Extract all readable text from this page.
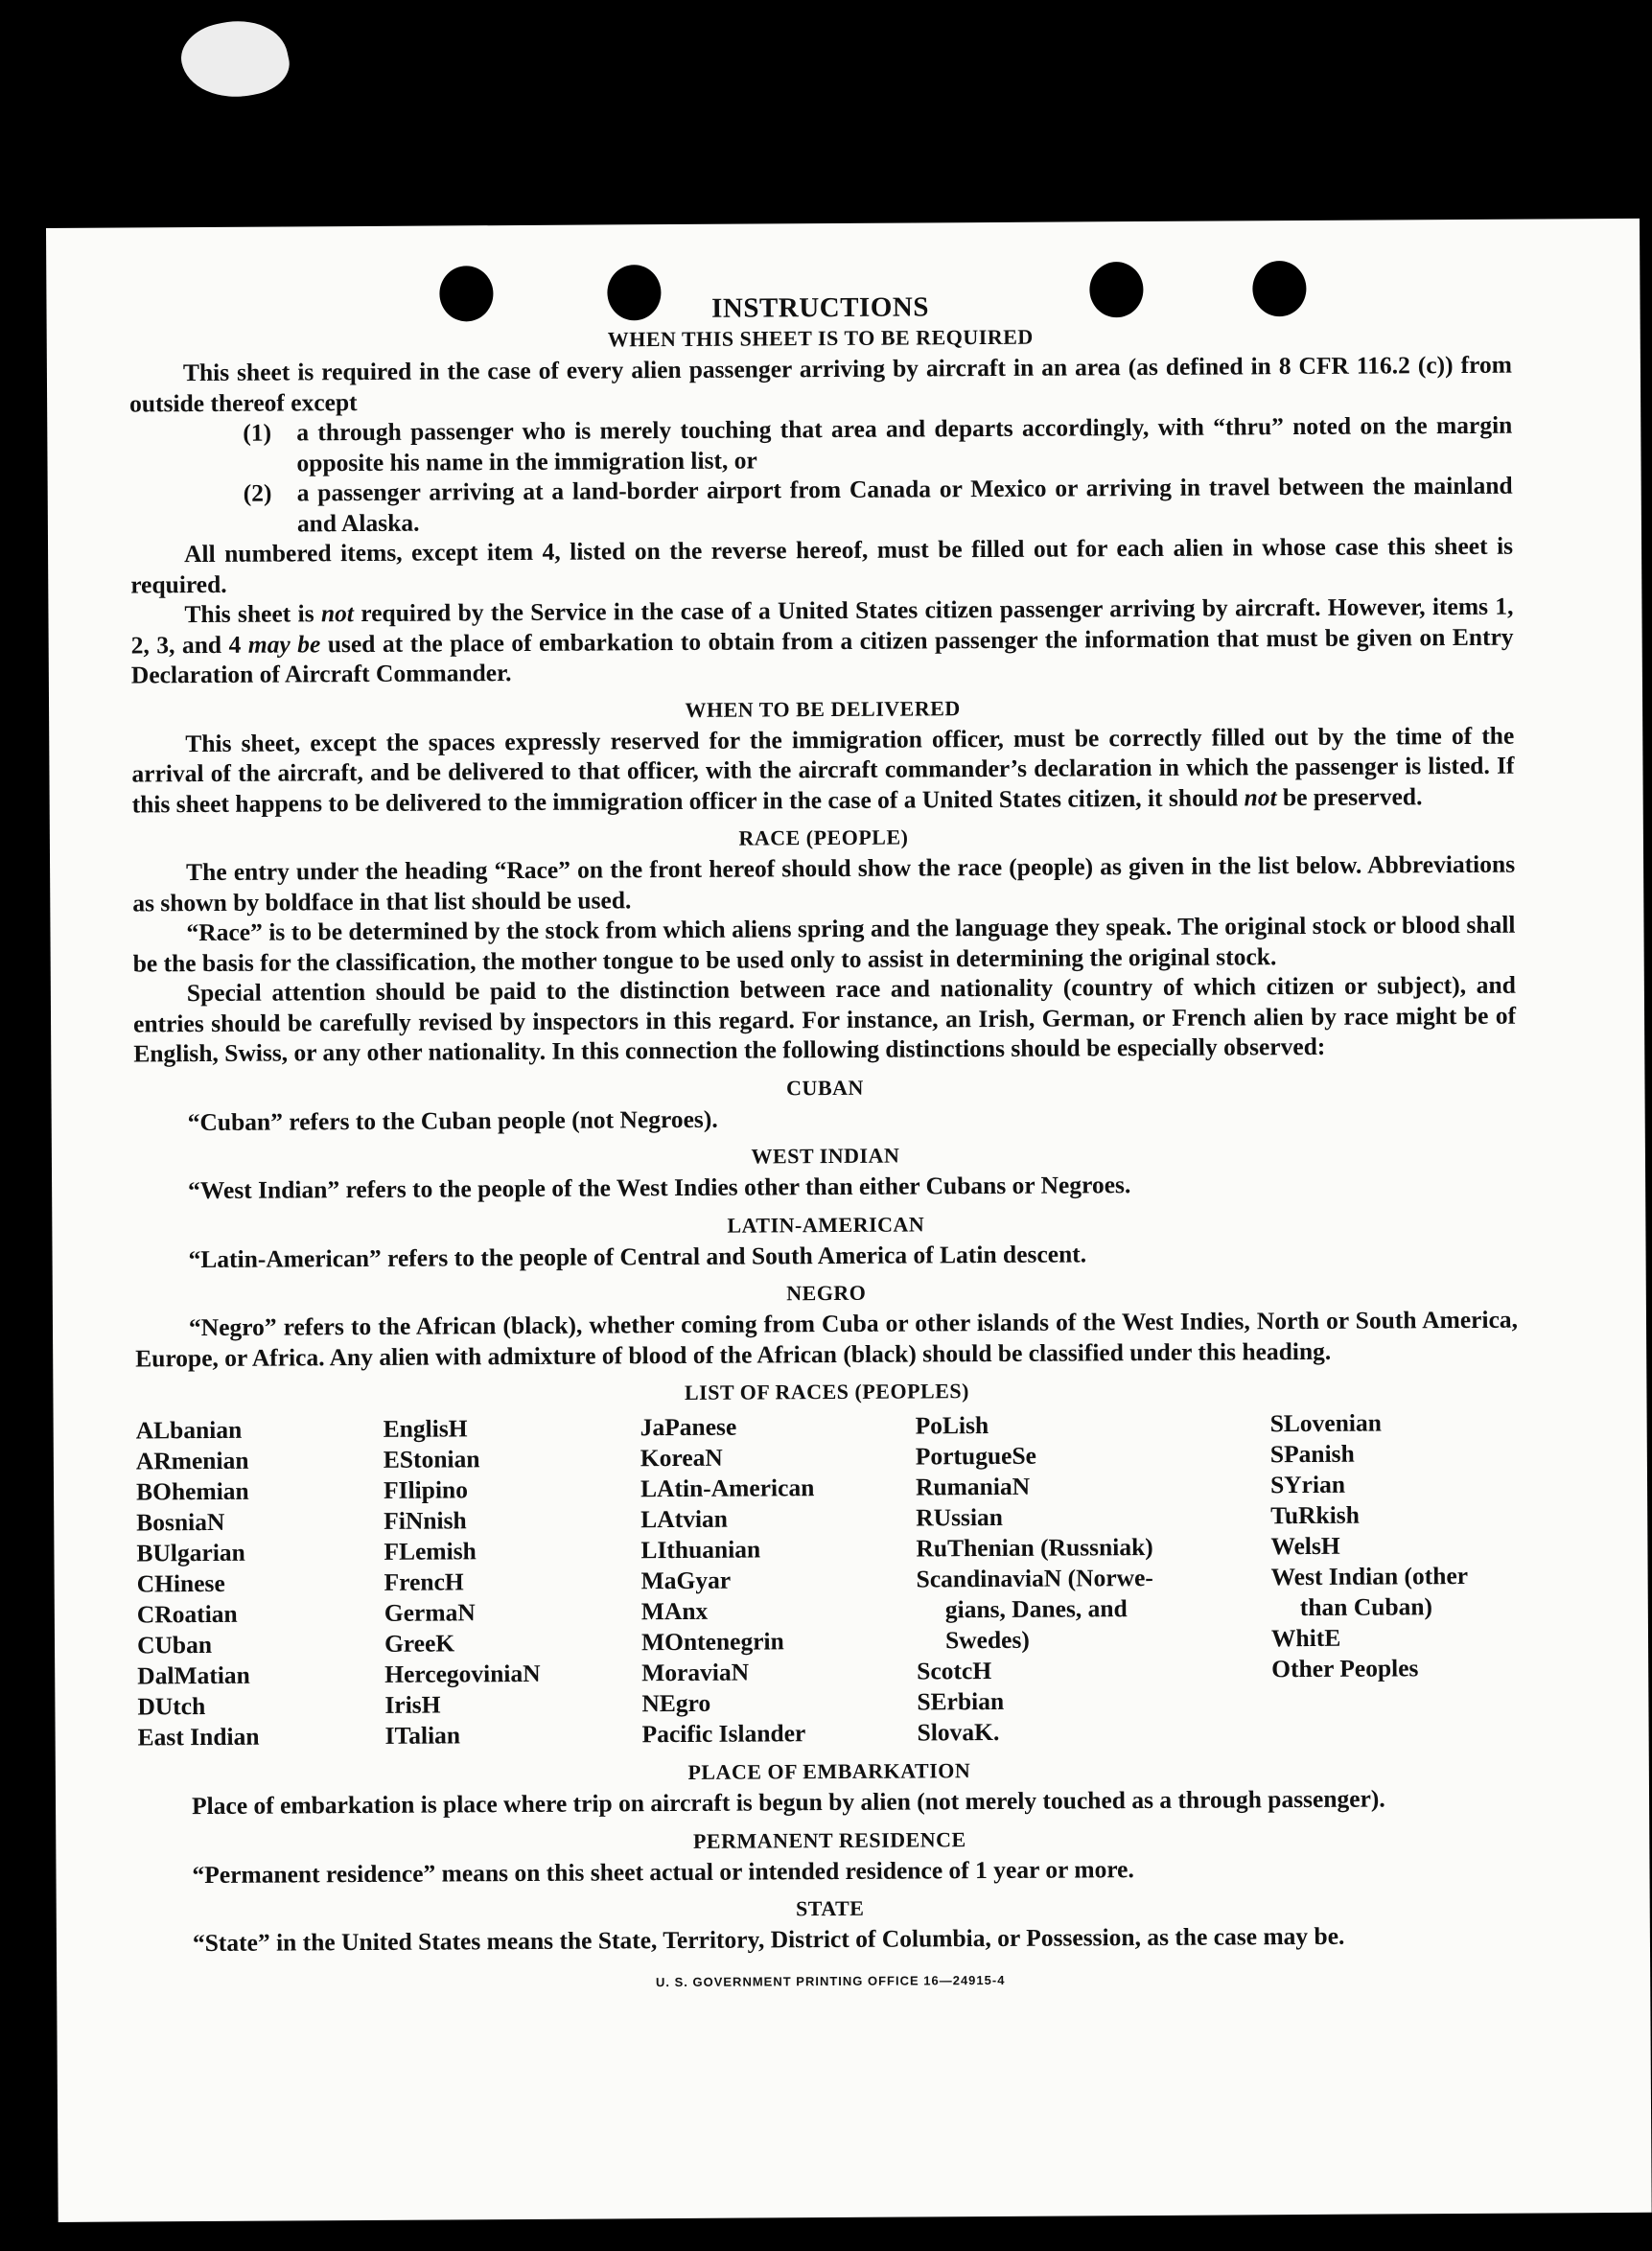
INSTRUCTIONS
WHEN THIS SHEET IS TO BE REQUIRED

This sheet is required in the case of every alien passenger arriving by aircraft in an area (as defined in 8 CFR 116.2 (c)) from outside thereof except

(1)	a through passenger who is merely touching that area and departs accordingly, with “thru” noted on the margin opposite his name in the immigration list, or
(2)	a passenger arriving at a land-border airport from Canada or Mexico or arriving in travel between the mainland and Alaska.

All numbered items, except item 4, listed on the reverse hereof, must be filled out for each alien in whose case this sheet is required.

This sheet is not required by the Service in the case of a United States citizen passenger arriving by aircraft. However, items 1, 2, 3, and 4 may be used at the place of embarkation to obtain from a citizen passenger the information that must be given on Entry Declaration of Aircraft Commander.

WHEN TO BE DELIVERED

This sheet, except the spaces expressly reserved for the immigration officer, must be correctly filled out by the time of the arrival of the aircraft, and be delivered to that officer, with the aircraft commander’s declaration in which the passenger is listed. If this sheet happens to be delivered to the immigration officer in the case of a United States citizen, it should not be preserved.

RACE (PEOPLE)

The entry under the heading “Race” on the front hereof should show the race (people) as given in the list below. Abbreviations as shown by boldface in that list should be used.

“Race” is to be determined by the stock from which aliens spring and the language they speak. The original stock or blood shall be the basis for the classification, the mother tongue to be used only to assist in determining the original stock.

Special attention should be paid to the distinction between race and nationality (country of which citizen or subject), and entries should be carefully revised by inspectors in this regard. For instance, an Irish, German, or French alien by race might be of English, Swiss, or any other nationality. In this connection the following distinctions should be especially observed:

CUBAN

“Cuban” refers to the Cuban people (not Negroes).

WEST INDIAN

“West Indian” refers to the people of the West Indies other than either Cubans or Negroes.

LATIN-AMERICAN

“Latin-American” refers to the people of Central and South America of Latin descent.

NEGRO

“Negro” refers to the African (black), whether coming from Cuba or other islands of the West Indies, North or South America, Europe, or Africa. Any alien with admixture of blood of the African (black) should be classified under this heading.

LIST OF RACES (PEOPLES)
ALbanian
ARmenian
BOhemian
BosniaN
BUlgarian
CHinese
CRoatian
CUban
DalMatian
DUtch
East Indian
EnglisH
EStonian
FIlipino
FiNnish
FLemish
FrencH
GermaN
GreeK
HercegoviniaN
IrisH
ITalian
JaPanese
KoreaN
LAtin-American
LAtvian
LIthuanian
MaGyar
MAnx
MOntenegrin
MoraviaN
NEgro
Pacific Islander
PoLish
PortugueSe
RumaniaN
RUssian
RuThenian (Russniak)
ScandinaviaN (Norwe-
gians, Danes, and
Swedes)
ScotcH
SErbian
SlovaK.
SLovenian
SPanish
SYrian
TuRkish
WelsH
West Indian (other
than Cuban)
WhitE
Other Peoples
PLACE OF EMBARKATION

Place of embarkation is place where trip on aircraft is begun by alien (not merely touched as a through passenger).

PERMANENT RESIDENCE

“Permanent residence” means on this sheet actual or intended residence of 1 year or more.

STATE

“State” in the United States means the State, Territory, District of Columbia, or Possession, as the case may be.

U. S. GOVERNMENT PRINTING OFFICE 16—24915-4
